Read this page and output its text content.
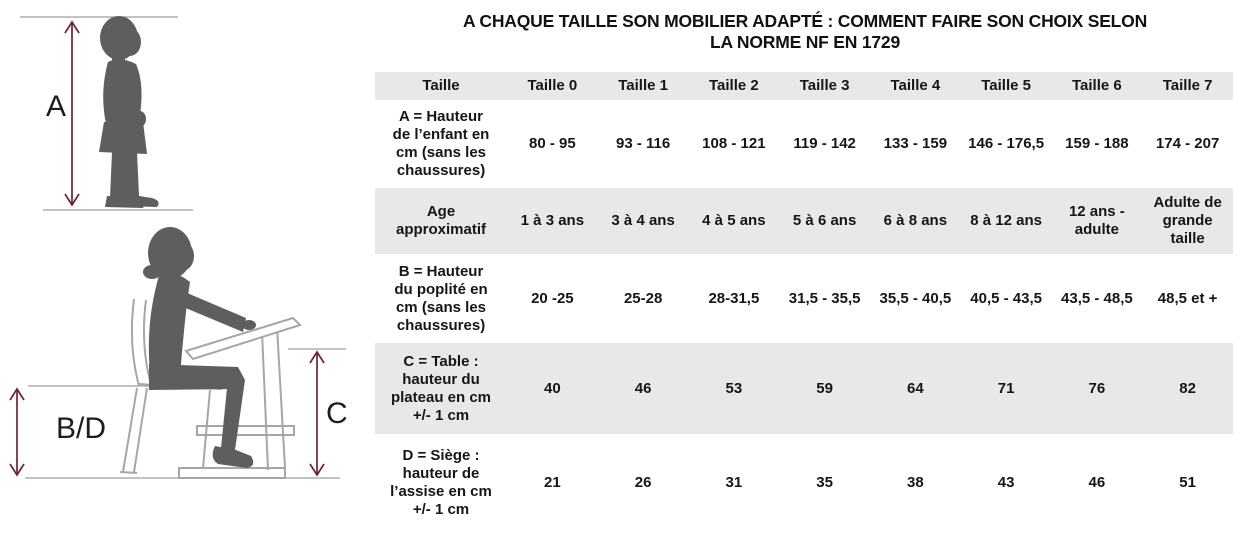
A
B/D	C
A CHAQUE TAILLE SON MOBILIER ADAPTÉ : COMMENT FAIRE SON CHOIX SELON
LA NORME NF EN 1729
Taille	Taille 0	Taille 1	Taille 2	Taille 3	Taille 4	Taille 5	Taille 6	Taille 7
A = Hauteur de l’enfant en cm (sans les chaussures)	80 - 95	93 - 116	108 - 121	119 - 142	133 - 159	146 - 176,5	159 - 188	174 - 207
Age approximatif	1 à 3 ans	3 à 4 ans	4 à 5 ans	5 à 6 ans	6 à 8 ans	8 à 12 ans	12 ans - adulte	Adulte de grande taille
B = Hauteur du poplité en cm (sans les chaussures)	20 -25	25-28	28-31,5	31,5 - 35,5	35,5 - 40,5	40,5 - 43,5	43,5 - 48,5	48,5 et +
C = Table : hauteur du plateau en cm +/- 1 cm	40	46	53	59	64	71	76	82
D = Siège : hauteur de l’assise en cm +/- 1 cm	21	26	31	35	38	43	46	51
